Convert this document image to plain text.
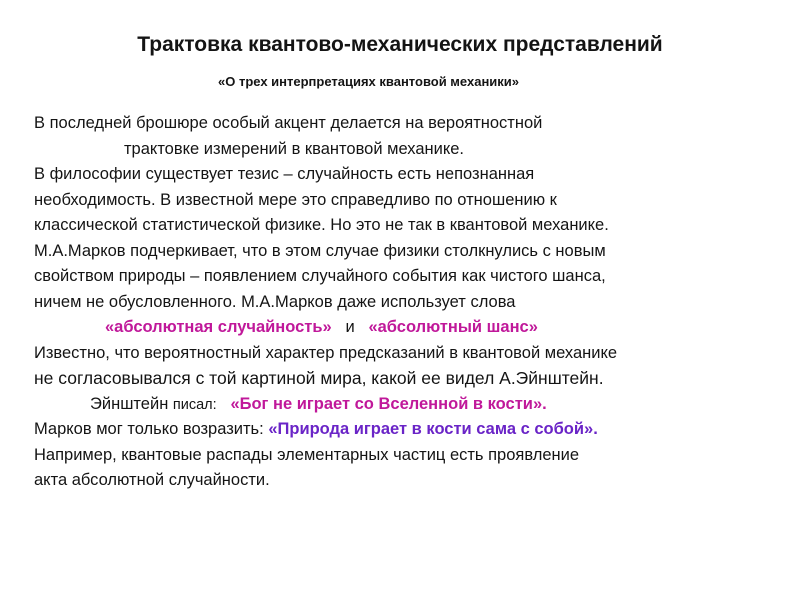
Трактовка квантово-механических представлений
«О трех интерпретациях квантовой механики»
В последней брошюре особый акцент делается на вероятностной
трактовке измерений в квантовой механике.
В философии существует тезис – случайность есть непознанная
необходимость. В известной мере это справедливо по отношению к
классической статистической физике. Но это не так в квантовой механике.
М.А.Марков подчеркивает, что в этом случае физики столкнулись с новым
свойством природы – появлением случайного события как чистого шанса,
ничем не обусловленного. М.А.Марков даже использует слова
«абсолютная случайность» и «абсолютный шанс»
Известно, что вероятностный характер предсказаний в квантовой механике
не согласовывался с той картиной мира, какой ее видел А.Эйнштейн.
Эйнштейн писал: «Бог не играет со Вселенной в кости».
Марков мог только возразить: «Природа играет в кости сама с собой».
Например, квантовые распады элементарных частиц есть проявление
акта абсолютной случайности.
